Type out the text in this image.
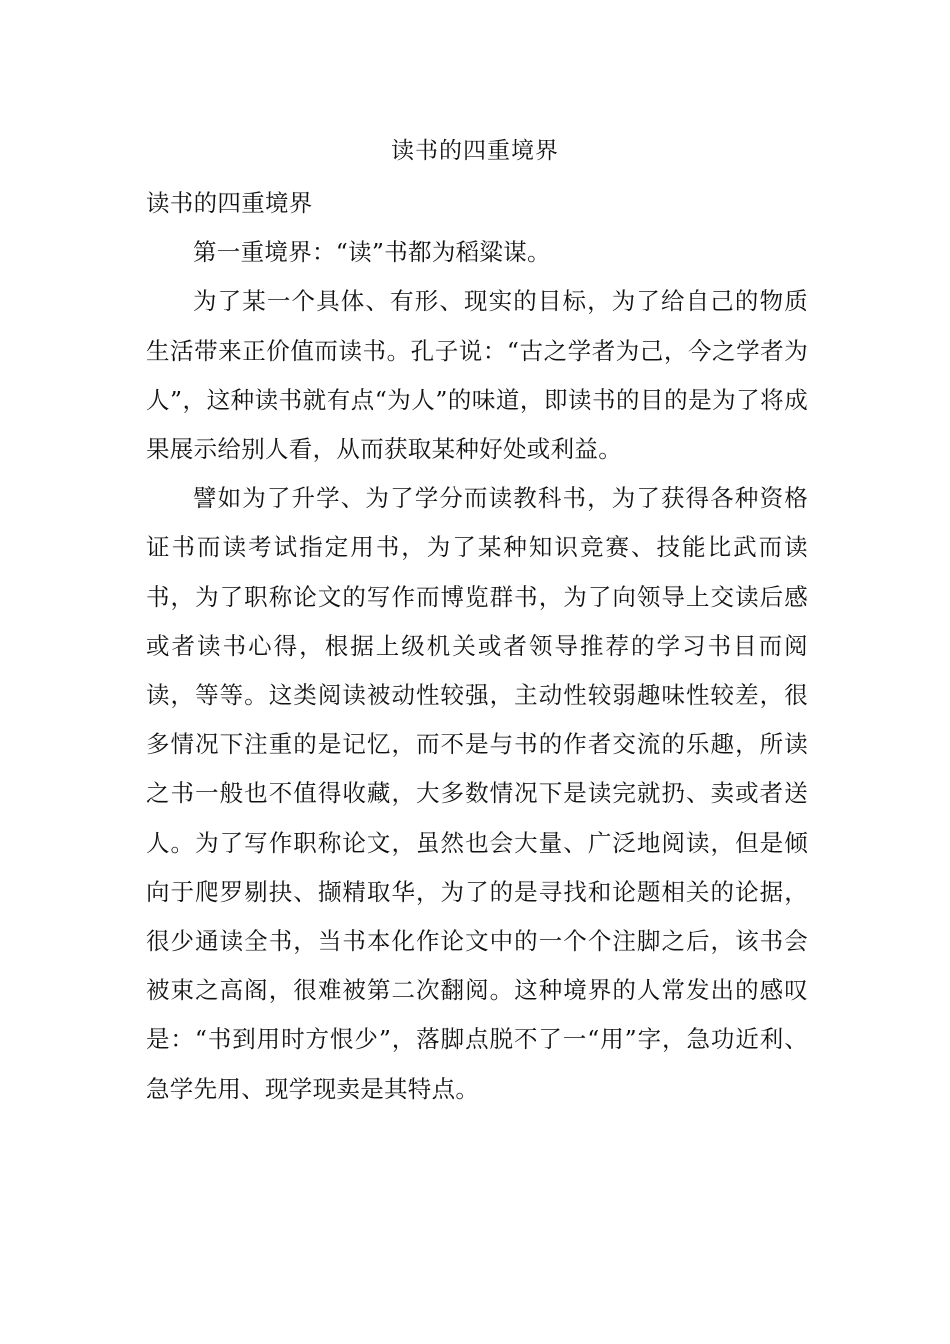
读书的四重境界

读书的四重境界

第一重境界：“读”书都为稻粱谋。

为了某一个具体、有形、现实的目标，为了给自己的物质生活带来正价值而读书。孔子说：“古之学者为己，今之学者为人”，这种读书就有点“为人”的味道，即读书的目的是为了将成果展示给别人看，从而获取某种好处或利益。

譬如为了升学、为了学分而读教科书，为了获得各种资格证书而读考试指定用书，为了某种知识竞赛、技能比武而读书，为了职称论文的写作而博览群书，为了向领导上交读后感或者读书心得，根据上级机关或者领导推荐的学习书目而阅读，等等。这类阅读被动性较强，主动性较弱趣味性较差，很多情况下注重的是记忆，而不是与书的作者交流的乐趣，所读之书一般也不值得收藏，大多数情况下是读完就扔、卖或者送人。为了写作职称论文，虽然也会大量、广泛地阅读，但是倾向于爬罗剔抉、撷精取华，为了的是寻找和论题相关的论据，很少通读全书，当书本化作论文中的一个个注脚之后，该书会被束之高阁，很难被第二次翻阅。这种境界的人常发出的感叹是：“书到用时方恨少”，落脚点脱不了一“用”字，急功近利、急学先用、现学现卖是其特点。
